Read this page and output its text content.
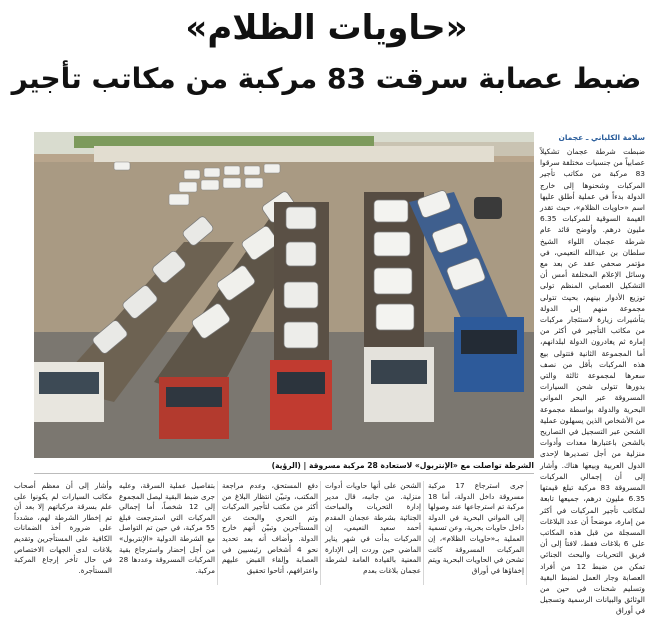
«حاويات الظلام»
ضبط عصابة سرقت 83 مركبة من مكاتب تأجير
سلامة الكلباني ـ عجمان
ضبطت شرطة عجمان تشكيلاً عصابياً من جنسيات مختلفة سرقوا 83 مركبة من مكاتب تأجير المركبات وشحنوها إلى خارج الدولة بدءاً في عملية أطلق عليها اسم «حاويات الظلام»، حيث تقدر القيمة السوقية للمركبات 6.35 مليون درهم. وأوضح قائد عام شرطة عجمان اللواء الشيخ سلطان بن عبدالله النعيمي، في مؤتمر صحفي عقد عن بعد مع وسائل الإعلام المختلفة أمس أن التشكيل العصابي المنظم تولى توزيع الأدوار بينهم، بحيث تتولى مجموعة منهم إلى الدولة بتأشيرات زيارة لاستئجار مركبات من مكاتب التأجير في أكثر من إمارة ثم يغادرون الدولة لبلدانهم، أما المجموعة الثانية فتتولى بيع هذه المركبات بأقل من نصف سعرها لمجموعة ثالثة والتي بدورها تتولى شحن السيارات المسروقة عبر البحر المواني البحرية والدولة بواسطة مجموعة من الأشخاص الذين يسهلون عملية الشحن عبر التسجيل في التصاريح بالشحن باعتبارها معدات وأدوات منزلية من أجل تصديرها لإحدى الدول العربية وبيعها هناك. وأشار إلى أن إجمالي المركبات المسروقة 83 مركبة تبلغ قيمتها 6.35 مليون درهم، جميعها تابعة لمكاتب تأجير المركبات في أكثر من إمارة، موضحاً أن عدد البلاغات المسجلة من قبل هذه المكاتب على 6 بلاغات فقط، لافتاً إلى أن فريق التحريات والبحث الجنائي تمكن من ضبط 12 من أفراد العصابة وجار العمل لضبط البقية وتسليم شحنات في حين من الوثائق والبيانات الرسمية وتسجيل في أوراق
الشرطة تواصلت مع «الإنتربول» لاستعادة 28 مركبة مسروقة | (الرؤية)
جرى استرجاع 17 مركبة مسروقة داخل الدولة، أما 18 مركبة تم استرجاعها عند وصولها إلى المواني البحرية في الدولة داخل حاويات بحرية، وعن تسمية العملية بـ«حاويات الظلام»، إن المركبات المسروقة كانت تشحن في الحاويات البحرية ويتم إخفاؤها في أوراق
الشحن على أنها حاويات أدوات منزلية. من جانبه، قال مدير إدارة التحريات والمباحث الجنائية بشرطة عجمان المقدم أحمد سعيد النعيمي، إن المركبات بدأت في شهر يناير الماضي حين وردت إلى الإدارة المعنية بالقيادة العامة لشرطة عجمان بلاغات بعدم
دفع المستحق، وعدم مراجعة المكتب، وتبيّن انتظار البلاغ من أكثر من مكتب لتأجير المركبات وتم التحري والبحث عن المستأجرين وتبيّن أنهم خارج الدولة. وأضاف أنه بعد تحديد نحو 4 أشخاص رئيسيين في العصابة وإلقاء القبض عليهم واعترافهم، أتاحوا تحقيق
بتفاصيل عملية السرقة، وعليه جرى ضبط البقية ليصل المجموع إلى 12 شخصاً، أما إجمالي المركبات التي استرجعت فبلغ 55 مركبة، في حين تم التواصل مع الشرطة الدولية «الإنتربول» من أجل إحضار واسترجاع بقية المركبات المسروقة وعددها 28 مركبة.
وأشار إلى أن معظم أصحاب مكاتب السيارات لم يكونوا على علم بسرقة مركباتهم إلا بعد أن تم إخطار الشرطة لهم، مشدداً على ضرورة أخذ الضمانات الكافية على المستأجرين وتقديم بلاغات لدى الجهات الاختصاص في حال تأخر إرجاع المركبة المستأجرة.
